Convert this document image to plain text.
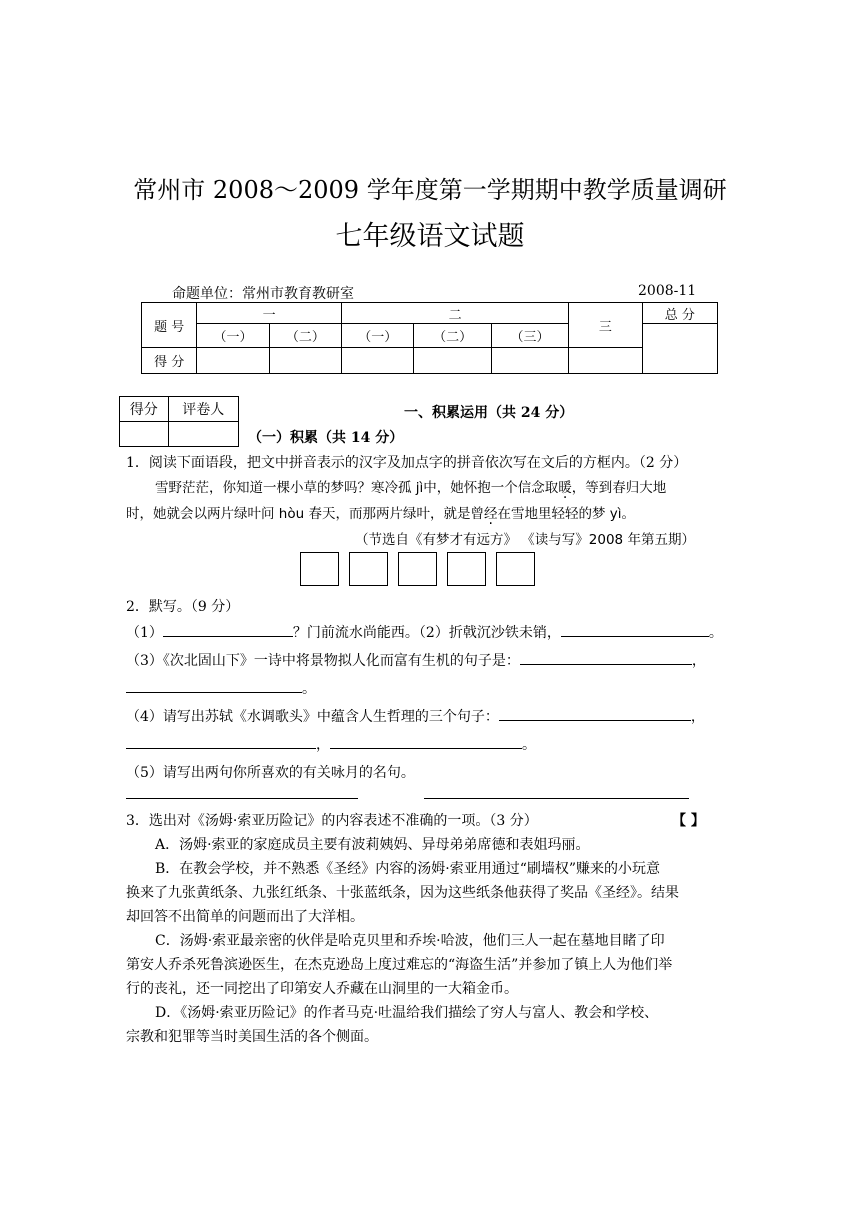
常州市 2008～2009 学年度第一学期期中教学质量调研
七年级语文试题
命题单位：常州市教育教研室	2008-11
题 号	一		二			三	总 分
	（一）	（二）	（一）	（二）	（三）		
得 分							
得分	评卷人
		一、积累运用（共 24 分）
（一）积累（共 14 分）
1．阅读下面语段，把文中拼音表示的汉字及加点字的拼音依次写在文后的方框内。（2 分）
雪野茫茫，你知道一棵小草的梦吗？寒冷孤 jì中，她怀抱一个信念取暖，等到春归大地
时，她就会以两片绿叶问 hòu 春天，而那两片绿叶，就是曾经在雪地里轻轻的梦 yì。
（节选自《有梦才有远方》 《读与写》2008 年第五期）
2．默写。（9 分）
（1）	？门前流水尚能西。（2）折戟沉沙铁未销，	。
（3）《次北固山下》一诗中将景物拟人化而富有生机的句子是：	，
。
（4）请写出苏轼《水调歌头》中蕴含人生哲理的三个句子：	，
，	。
（5）请写出两句你所喜欢的有关咏月的名句。
3．选出对《汤姆·索亚历险记》的内容表述不准确的一项。（3 分）	【 】
A．汤姆·索亚的家庭成员主要有波莉姨妈、异母弟弟席德和表姐玛丽。
B．在教会学校，并不熟悉《圣经》内容的汤姆·索亚用通过“刷墙权”赚来的小玩意
换来了九张黄纸条、九张红纸条、十张蓝纸条，因为这些纸条他获得了奖品《圣经》。结果
却回答不出简单的问题而出了大洋相。
C．汤姆·索亚最亲密的伙伴是哈克贝里和乔埃·哈波，他们三人一起在墓地目睹了印
第安人乔杀死鲁滨逊医生，在杰克逊岛上度过难忘的“海盗生活”并参加了镇上人为他们举
行的丧礼，还一同挖出了印第安人乔藏在山洞里的一大箱金币。
D．《汤姆·索亚历险记》的作者马克·吐温给我们描绘了穷人与富人、教会和学校、
宗教和犯罪等当时美国生活的各个侧面。
